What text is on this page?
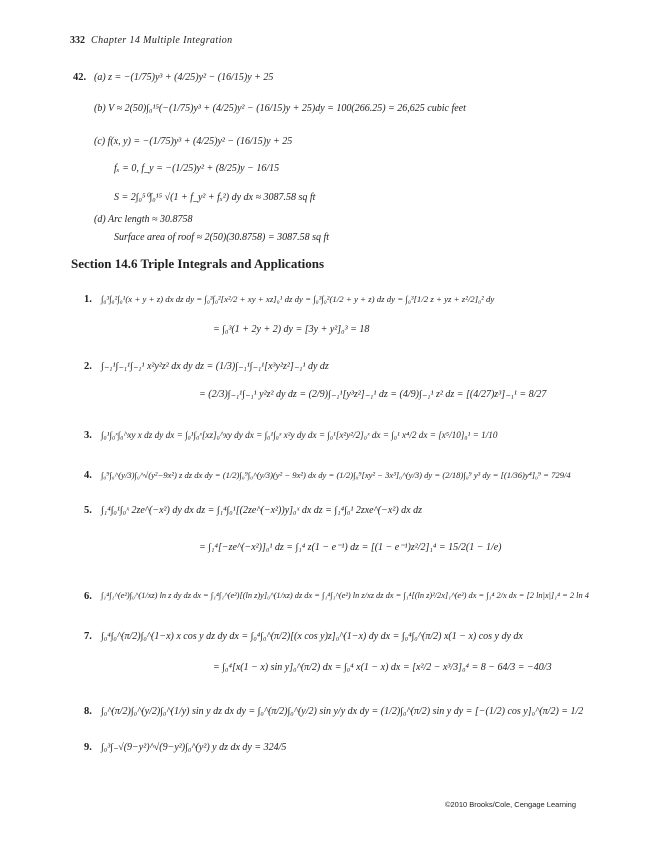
332 Chapter 14 Multiple Integration
42. (a) z = −(1/75)y³ + (4/25)y² − (16/15)y + 25
(b) V ≈ 2(50)∫₀¹⁵(−(1/75)y³ + (4/25)y² − (16/15)y + 25)dy = 100(266.25) = 26,625 cubic feet
(c) f(x, y) = −(1/75)y³ + (4/25)y² − (16/15)y + 25
fₓ = 0, f_y = −(1/25)y² + (8/25)y − 16/15
S = 2∫₀⁵⁰∫₀¹⁵ √(1 + f_y² + fₓ²) dy dx ≈ 3087.58 sq ft
(d) Arc length ≈ 30.8758
Surface area of roof ≈ 2(50)(30.8758) = 3087.58 sq ft
Section 14.6 Triple Integrals and Applications
1. ∫₀³∫₀²∫₀¹(x + y + z) dx dz dy = ∫₀³∫₀²[x²/2 + xy + xz]₀¹ dz dy = ∫₀³∫₀²(1/2 + y + z) dz dy = ∫₀³[1/2 z + yz + z²/2]₀² dy
= ∫₀³(1 + 2y + 2) dy = [3y + y²]₀³ = 18
2. ∫₋₁¹∫₋₁¹∫₋₁¹ x²y²z² dx dy dz = (1/3)∫₋₁¹∫₋₁¹[x³y²z²]₋₁¹ dy dz
= (2/3)∫₋₁¹∫₋₁¹ y²z² dy dz = (2/9)∫₋₁¹[y³z²]₋₁¹ dz = (4/9)∫₋₁¹ z² dz = [(4/27)z³]₋₁¹ = 8/27
3. ∫₀¹∫₀ˣ∫₀^xy x dz dy dx = ∫₀¹∫₀ˣ[xz]₀^xy dy dx = ∫₀¹∫₀ˣ x²y dy dx = ∫₀¹[x²y²/2]₀ˣ dx = ∫₀¹ x⁴/2 dx = [x⁵/10]₀¹ = 1/10
4. ∫₀⁹∫₀^(y/3)∫₀^√(y²−9x²) z dz dx dy = (1/2)∫₀⁹∫₀^(y/3)(y² − 9x²) dx dy = (1/2)∫₀⁹[xy² − 3x³]₀^(y/3) dy = (2/18)∫₀⁹ y³ dy = [(1/36)y⁴]₀⁹ = 729/4
5. ∫₁⁴∫₀¹∫₀ˣ 2ze^(−x²) dy dx dz = ∫₁⁴∫₀¹[(2ze^(−x²))y]₀ˣ dx dz = ∫₁⁴∫₀¹ 2zxe^(−x²) dx dz
= ∫₁⁴[−ze^(−x²)]₀¹ dz = ∫₁⁴ z(1 − e⁻¹) dz = [(1 − e⁻¹)z²/2]₁⁴ = 15/2(1 − 1/e)
6. ∫₁⁴∫₁^(e²)∫₀^(1/xz) ln z dy dz dx = ∫₁⁴∫₁^(e²)[(ln z)y]₀^(1/xz) dz dx = ∫₁⁴∫₁^(e²) ln z/xz dz dx = ∫₁⁴[(ln z)²/2x]₁^(e²) dx = ∫₁⁴ 2/x dx = [2 ln|x|]₁⁴ = 2 ln 4
7. ∫₀⁴∫₀^(π/2)∫₀^(1−x) x cos y dz dy dx = ∫₀⁴∫₀^(π/2)[(x cos y)z]₀^(1−x) dy dx = ∫₀⁴∫₀^(π/2) x(1 − x) cos y dy dx
= ∫₀⁴[x(1 − x) sin y]₀^(π/2) dx = ∫₀⁴ x(1 − x) dx = [x²/2 − x³/3]₀⁴ = 8 − 64/3 = −40/3
8. ∫₀^(π/2)∫₀^(y/2)∫₀^(1/y) sin y dz dx dy = ∫₀^(π/2)∫₀^(y/2) sin y/y dx dy = (1/2)∫₀^(π/2) sin y dy = [−(1/2) cos y]₀^(π/2) = 1/2
9. ∫₀³∫₋√(9−y²)^√(9−y²)∫₀^(y²) y dz dx dy = 324/5
©2010 Brooks/Cole, Cengage Learning
